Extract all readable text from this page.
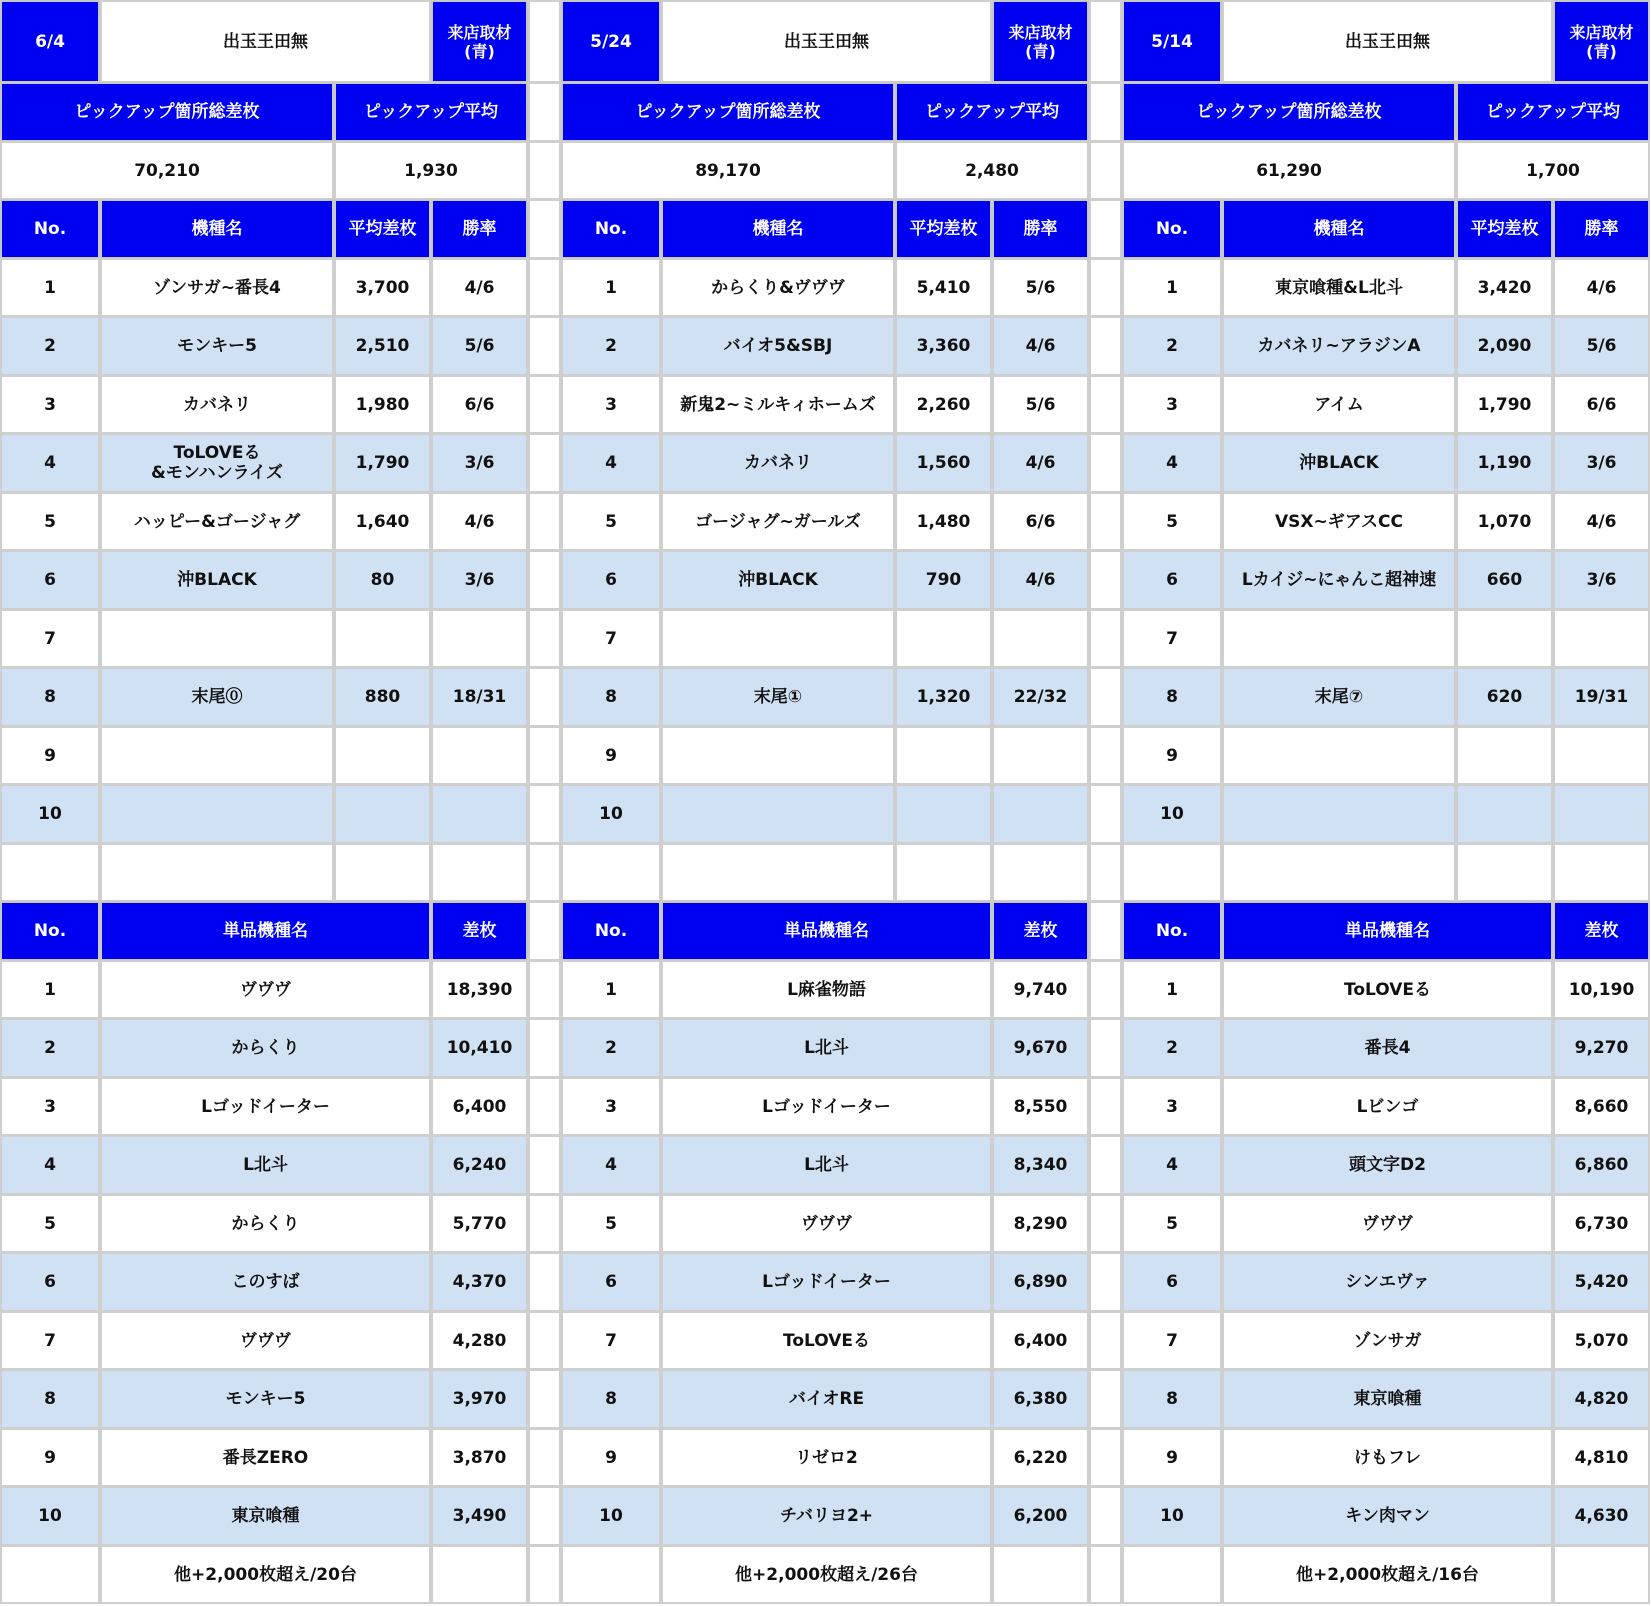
6/4	出玉王田無	来店取材
(青)
ピックアップ箇所総差枚	ピックアップ平均
70,210	1,930
No.	機種名	平均差枚	勝率
1	ゾンサガ~番長4	3,700	4/6
2	モンキー5	2,510	5/6
3	カバネリ	1,980	6/6
4	ToLOVEる
&モンハンライズ	1,790	3/6
5	ハッピー&ゴージャグ	1,640	4/6
6	沖BLACK	80	3/6
7
8	末尾⓪	880	18/31
9
10
No.	単品機種名	差枚
1	ヴヴヴ	18,390
2	からくり	10,410
3	Lゴッドイーター	6,400
4	L北斗	6,240
5	からくり	5,770
6	このすば	4,370
7	ヴヴヴ	4,280
8	モンキー5	3,970
9	番長ZERO	3,870
10	東京喰種	3,490
他+2,000枚超え/20台
5/24	出玉王田無	来店取材
(青)
ピックアップ箇所総差枚	ピックアップ平均
89,170	2,480
No.	機種名	平均差枚	勝率
1	からくり&ヴヴヴ	5,410	5/6
2	バイオ5&SBJ	3,360	4/6
3	新鬼2~ミルキィホームズ	2,260	5/6
4	カバネリ	1,560	4/6
5	ゴージャグ~ガールズ	1,480	6/6
6	沖BLACK	790	4/6
7
8	末尾①	1,320	22/32
9
10
No.	単品機種名	差枚
1	L麻雀物語	9,740
2	L北斗	9,670
3	Lゴッドイーター	8,550
4	L北斗	8,340
5	ヴヴヴ	8,290
6	Lゴッドイーター	6,890
7	ToLOVEる	6,400
8	バイオRE	6,380
9	リゼロ2	6,220
10	チバリヨ2+	6,200
他+2,000枚超え/26台
5/14	出玉王田無	来店取材
(青)
ピックアップ箇所総差枚	ピックアップ平均
61,290	1,700
No.	機種名	平均差枚	勝率
1	東京喰種&L北斗	3,420	4/6
2	カバネリ~アラジンA	2,090	5/6
3	アイム	1,790	6/6
4	沖BLACK	1,190	3/6
5	VSX~ギアスCC	1,070	4/6
6	Lカイジ~にゃんこ超神速	660	3/6
7
8	末尾⑦	620	19/31
9
10
No.	単品機種名	差枚
1	ToLOVEる	10,190
2	番長4	9,270
3	Lビンゴ	8,660
4	頭文字D2	6,860
5	ヴヴヴ	6,730
6	シンエヴァ	5,420
7	ゾンサガ	5,070
8	東京喰種	4,820
9	けもフレ	4,810
10	キン肉マン	4,630
他+2,000枚超え/16台
